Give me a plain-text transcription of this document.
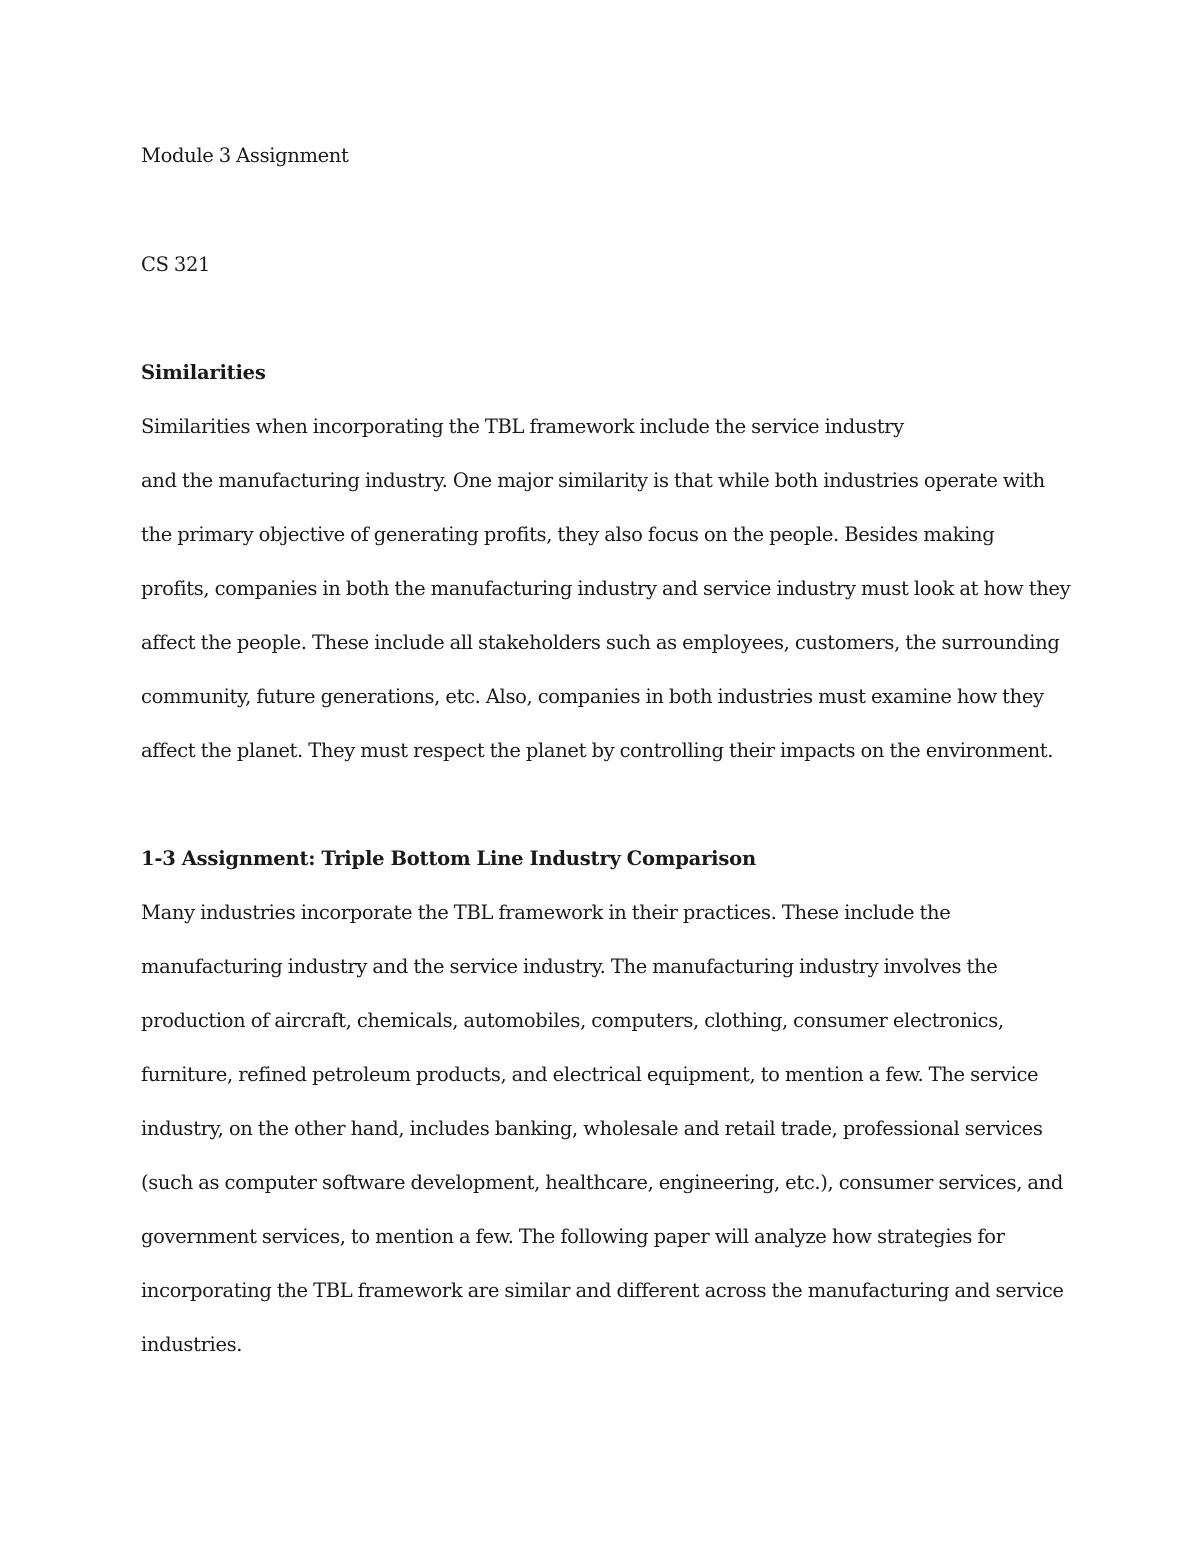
Module 3 Assignment
CS 321
Similarities
Similarities when incorporating the TBL framework include the service industry
and the manufacturing industry. One major similarity is that while both industries operate with
the primary objective of generating profits, they also focus on the people. Besides making
profits, companies in both the manufacturing industry and service industry must look at how they
affect the people. These include all stakeholders such as employees, customers, the surrounding
community, future generations, etc. Also, companies in both industries must examine how they
affect the planet. They must respect the planet by controlling their impacts on the environment.
1-3 Assignment: Triple Bottom Line Industry Comparison
Many industries incorporate the TBL framework in their practices. These include the
manufacturing industry and the service industry. The manufacturing industry involves the
production of aircraft, chemicals, automobiles, computers, clothing, consumer electronics,
furniture, refined petroleum products, and electrical equipment, to mention a few. The service
industry, on the other hand, includes banking, wholesale and retail trade, professional services
(such as computer software development, healthcare, engineering, etc.), consumer services, and
government services, to mention a few. The following paper will analyze how strategies for
incorporating the TBL framework are similar and different across the manufacturing and service
industries.
